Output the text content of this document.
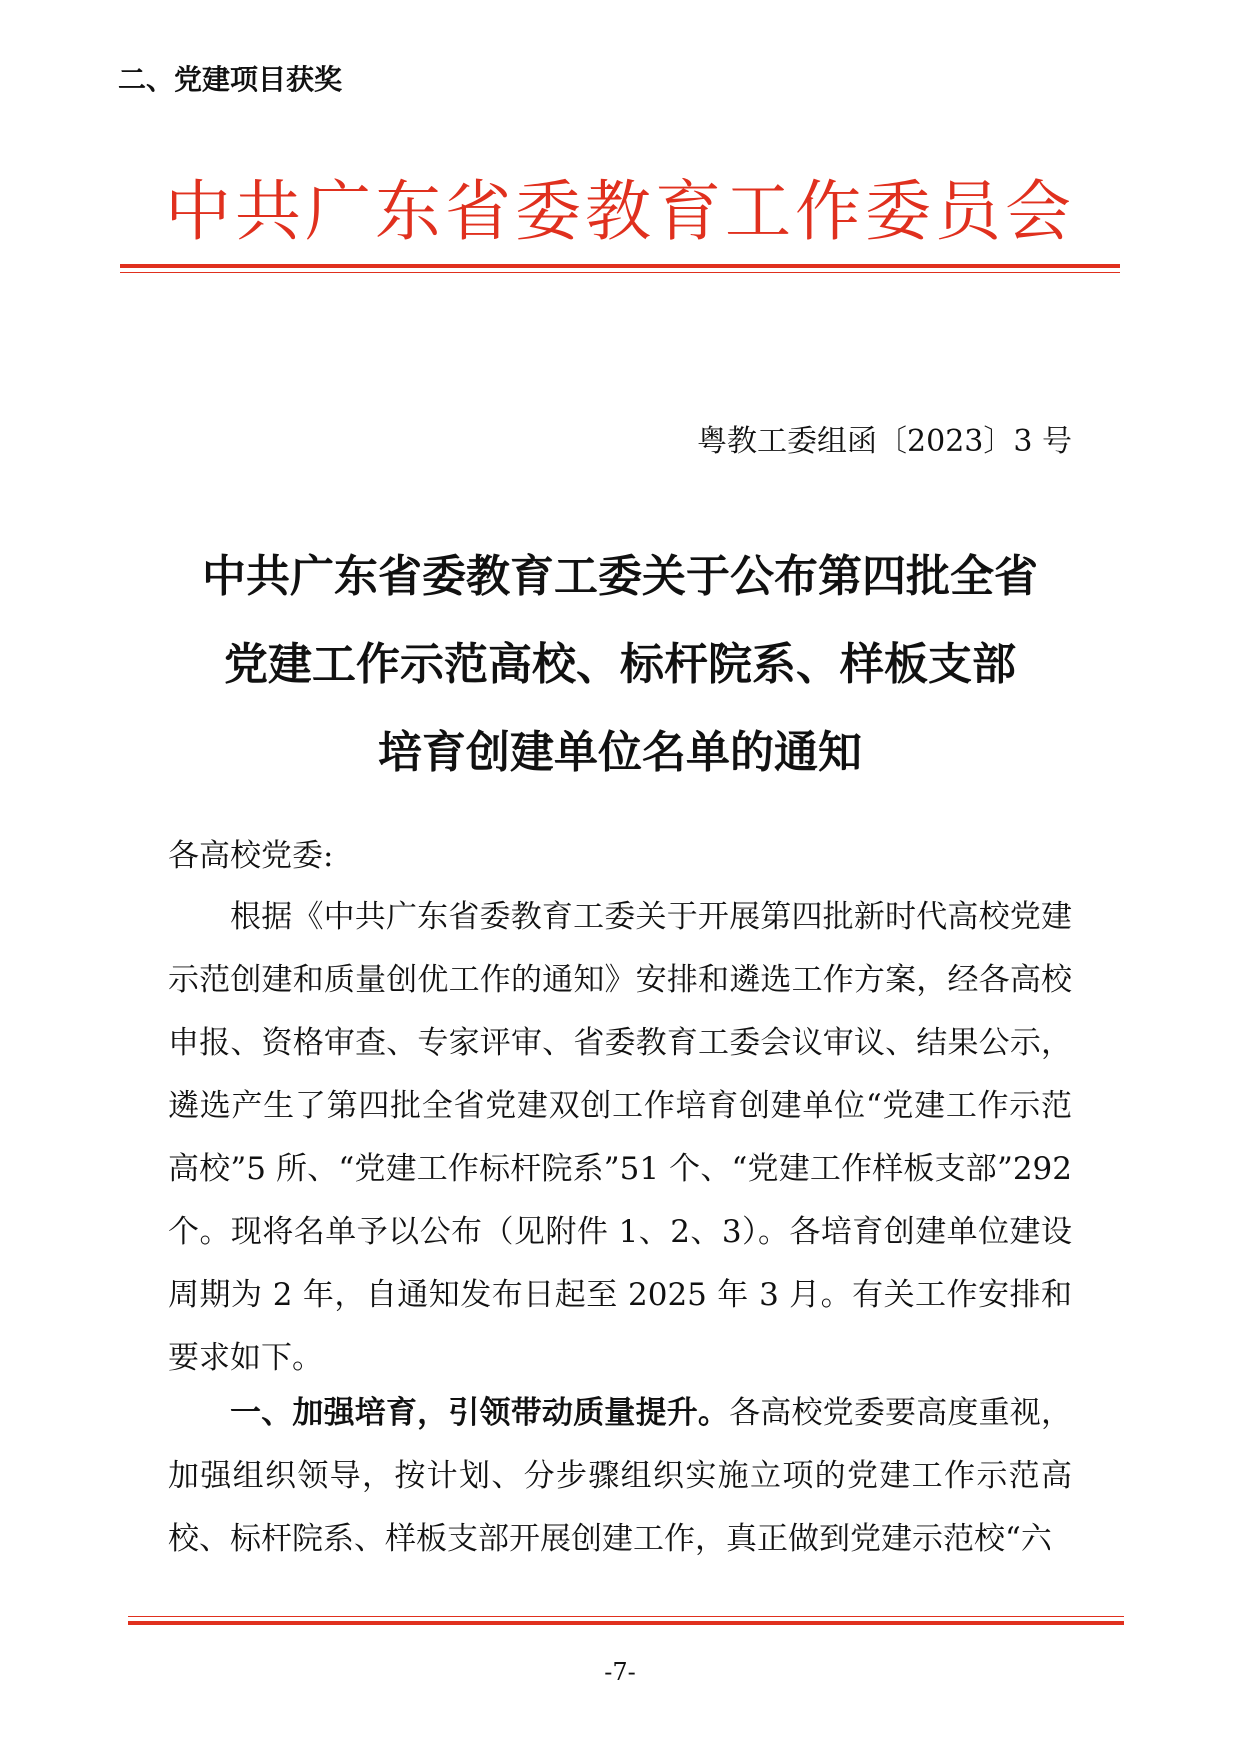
二、党建项目获奖
中共广东省委教育工作委员会
粤教工委组函〔2023〕3 号
中共广东省委教育工委关于公布第四批全省
党建工作示范高校、标杆院系、样板支部
培育创建单位名单的通知
各高校党委:

根据《中共广东省委教育工委关于开展第四批新时代高校党建示范创建和质量创优工作的通知》安排和遴选工作方案，经各高校申报、资格审查、专家评审、省委教育工委会议审议、结果公示，遴选产生了第四批全省党建双创工作培育创建单位“党建工作示范高校”5 所、“党建工作标杆院系”51 个、“党建工作样板支部”292 个。现将名单予以公布（见附件 1、2、3）。各培育创建单位建设周期为 2 年，自通知发布日起至 2025 年 3 月。有关工作安排和要求如下。

一、加强培育，引领带动质量提升。各高校党委要高度重视，加强组织领导，按计划、分步骤组织实施立项的党建工作示范高校、标杆院系、样板支部开展创建工作，真正做到党建示范校“六

-7-
